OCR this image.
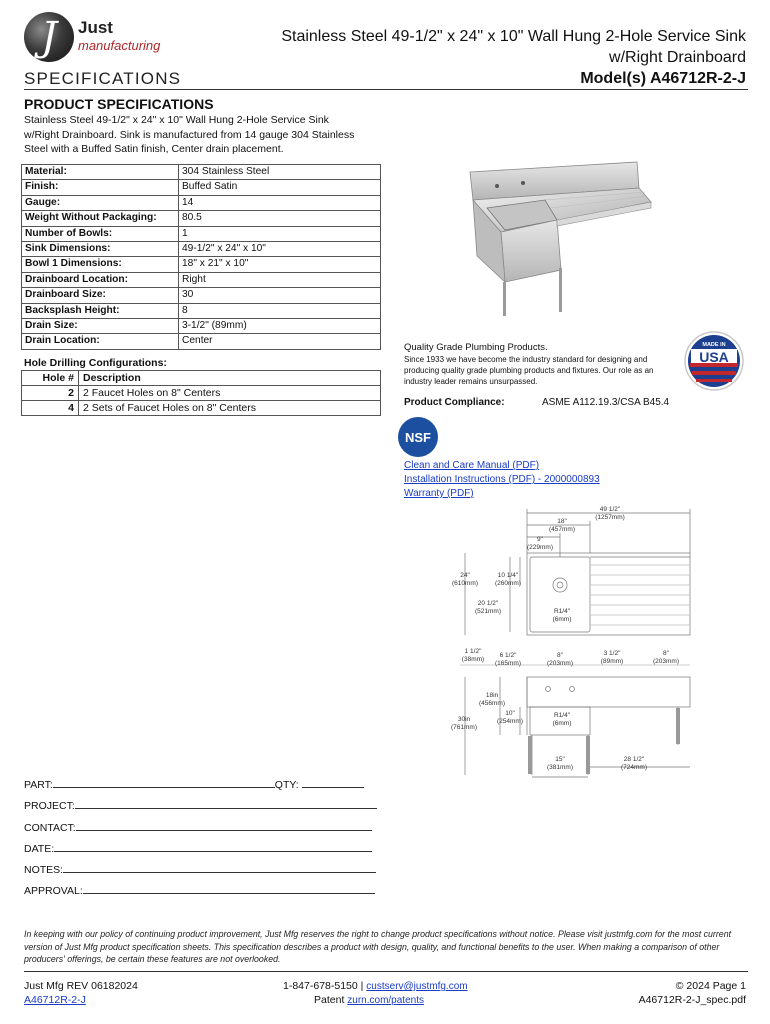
J	Just
manufacturing
SPECIFICATIONS
Stainless Steel 49-1/2" x 24" x 10" Wall Hung 2-Hole Service Sink
w/Right Drainboard
Model(s) A46712R-2-J
PRODUCT SPECIFICATIONS
Stainless Steel 49-1/2" x 24" x 10" Wall Hung 2-Hole Service Sink w/Right Drainboard. Sink is manufactured from 14 gauge 304 Stainless Steel with a Buffed Satin finish, Center drain placement.
Material:	304 Stainless Steel
Finish:	Buffed Satin
Gauge:	14
Weight Without Packaging:	80.5
Number of Bowls:	1
Sink Dimensions:	49-1/2" x 24" x 10"
Bowl 1 Dimensions:	18" x 21" x 10"
Drainboard Location:	Right
Drainboard Size:	30
Backsplash Height:	8
Drain Size:	3-1/2" (89mm)
Drain Location:	Center
Hole Drilling Configurations:
Hole #	Description
2	2 Faucet Holes on 8" Centers
4	2 Sets of Faucet Holes on 8" Centers
Quality Grade Plumbing Products.
Since 1933 we have become the industry standard for designing and producing quality grade plumbing products and fixtures. Our role as an industry leader remains unsurpassed.
MADE IN
USA
Product Compliance:	ASME A112.19.3/CSA B45.4
NSF
Clean and Care Manual (PDF)
Installation Instructions (PDF) - 2000000893
Warranty (PDF)
49 1/2"
(1257mm)
18"
(457mm)
9"
(229mm)
24"
(610mm)
10 1/4"
(260mm)
20 1/2"
(521mm)	R1/4"
(6mm)
1 1/2"
(38mm)
6 1/2"
(165mm)
8"
(203mm)
3 1/2"
(89mm)
8"
(203mm)
18in
(456mm)
30in
(761mm)
10"
(254mm)
R1/4"
(6mm)
15"
(381mm)
28 1/2"
(724mm)
PART:	QTY:
PROJECT:
CONTACT:
DATE:
NOTES:
APPROVAL:
In keeping with our policy of continuing product improvement, Just Mfg reserves the right to change product specifications without notice. Please visit justmfg.com for the most current version of Just Mfg product specification sheets. This specification describes a product with design, quality, and functional benefits to the user. When making a comparison of other producers' offerings, be certain these features are not overlooked.
Just Mfg REV 06182024
A46712R-2-J
1-847-678-5150 | custserv@justmfg.com
Patent zurn.com/patents
© 2024 Page 1
A46712R-2-J_spec.pdf
